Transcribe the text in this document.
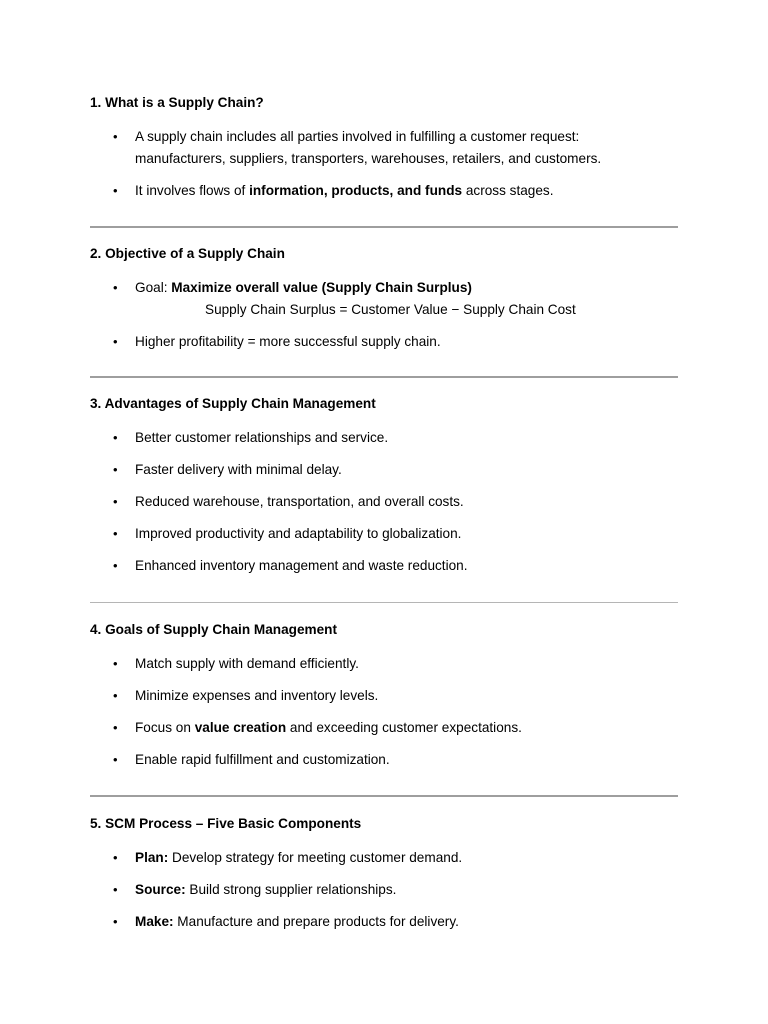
1. What is a Supply Chain?

• A supply chain includes all parties involved in fulfilling a customer request:
manufacturers, suppliers, transporters, warehouses, retailers, and customers.
• It involves flows of information, products, and funds across stages.

2. Objective of a Supply Chain

• Goal: Maximize overall value (Supply Chain Surplus)
Supply Chain Surplus = Customer Value − Supply Chain Cost
• Higher profitability = more successful supply chain.

3. Advantages of Supply Chain Management

• Better customer relationships and service.
• Faster delivery with minimal delay.
• Reduced warehouse, transportation, and overall costs.
• Improved productivity and adaptability to globalization.
• Enhanced inventory management and waste reduction.

4. Goals of Supply Chain Management

• Match supply with demand efficiently.
• Minimize expenses and inventory levels.
• Focus on value creation and exceeding customer expectations.
• Enable rapid fulfillment and customization.

5. SCM Process – Five Basic Components

• Plan: Develop strategy for meeting customer demand.
• Source: Build strong supplier relationships.
• Make: Manufacture and prepare products for delivery.
